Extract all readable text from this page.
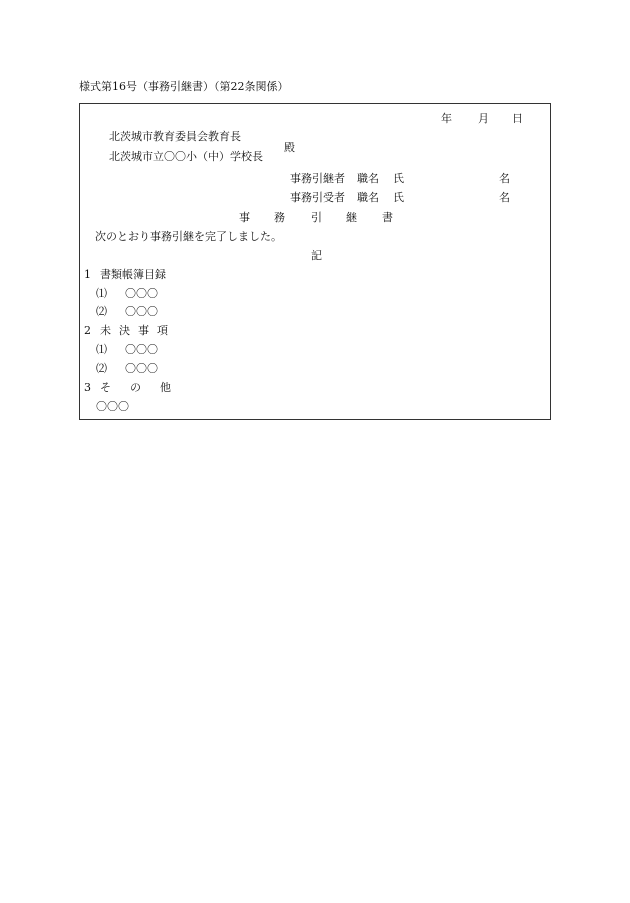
様式第16号（事務引継書）（第22条関係）
年 月 日
北茨城市教育委員会教育長
北茨城市立〇〇小（中）学校長
殿
事務引継者 職名 氏	名
事務引受者 職名 氏	名
事 務 引 継 書
次のとおり事務引継を完了しました。
記
1 書類帳簿目録
⑴ 〇〇〇
⑵ 〇〇〇
2 未 決 事 項
⑴ 〇〇〇
⑵ 〇〇〇
3 そ の 他
〇〇〇
